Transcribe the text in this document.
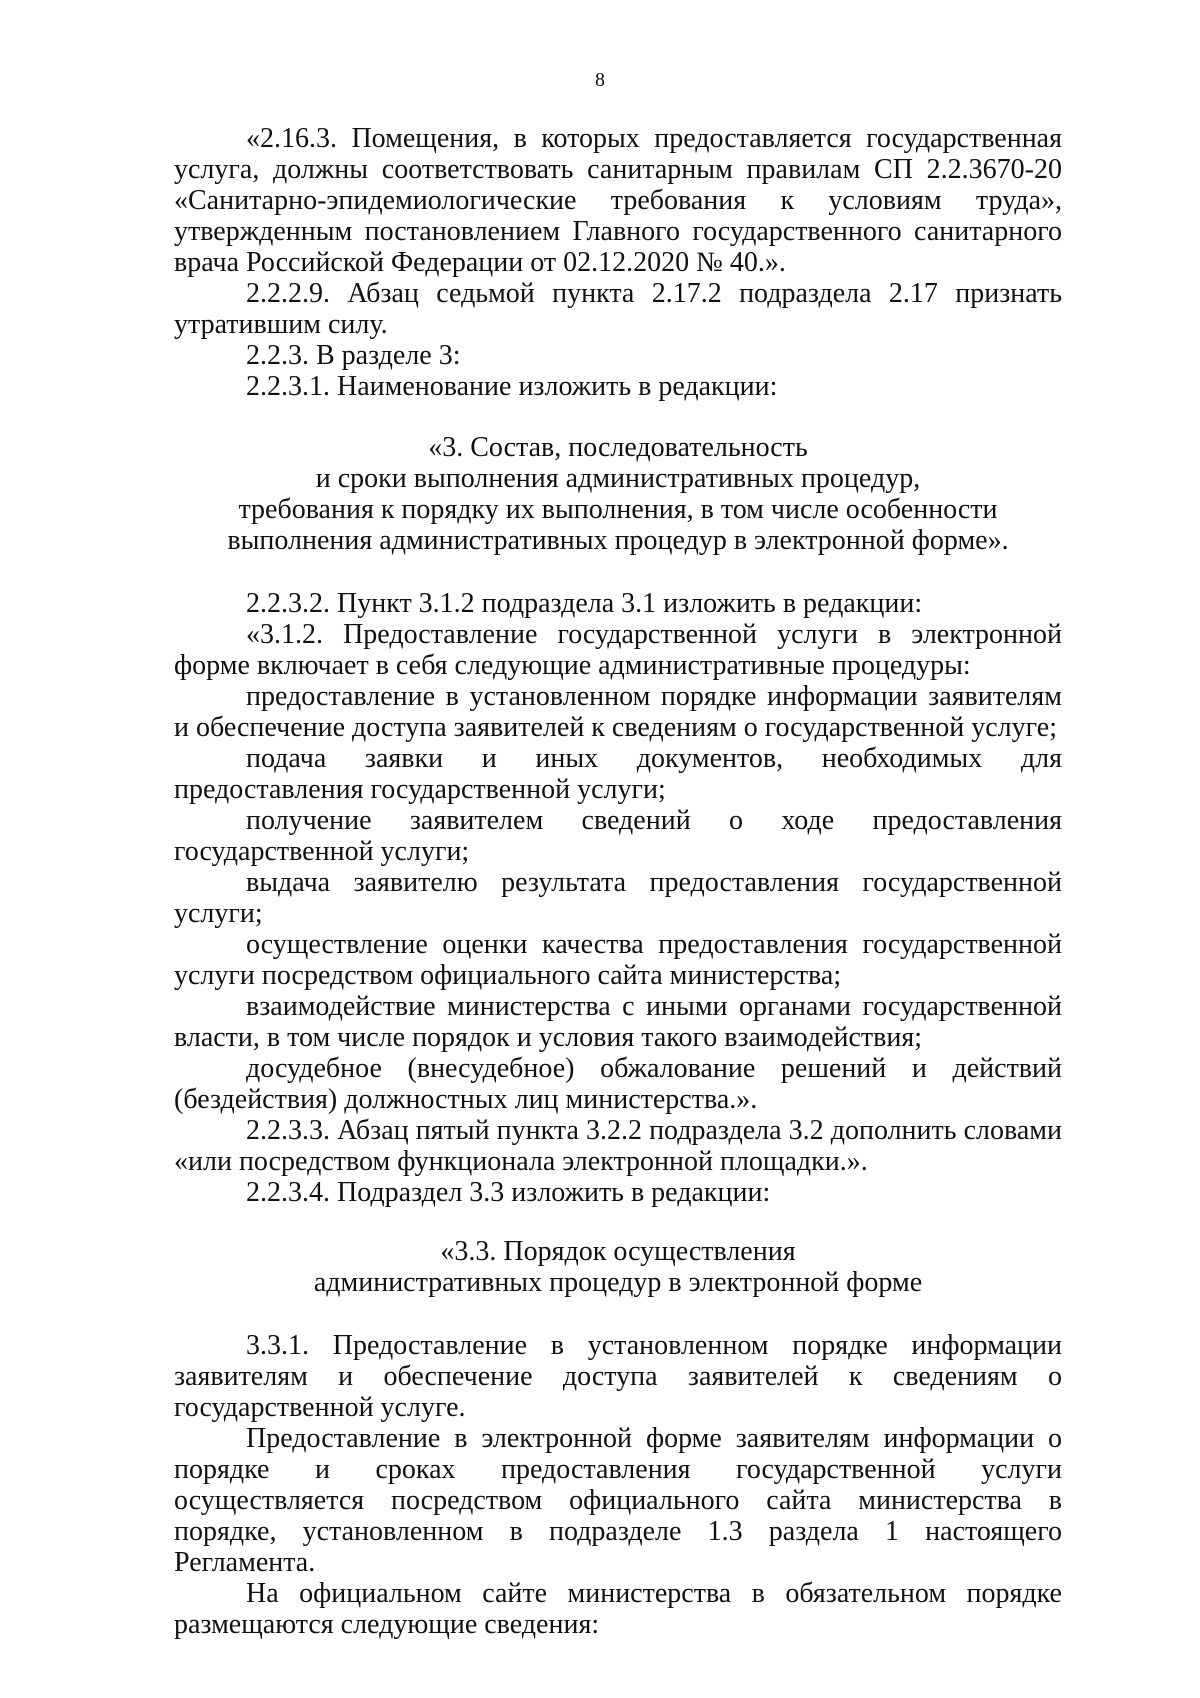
8

«2.16.3. Помещения, в которых предоставляется государственная услуга, должны соответствовать санитарным правилам СП 2.2.3670-20 «Санитарно-эпидемиологические требования к условиям труда», утвержденным постановлением Главного государственного санитарного врача Российской Федерации от 02.12.2020 № 40.».

2.2.2.9. Абзац седьмой пункта 2.17.2 подраздела 2.17 признать утратившим силу.

2.2.3. В разделе 3:

2.2.3.1. Наименование изложить в редакции:

«3. Состав, последовательность
и сроки выполнения административных процедур,
требования к порядку их выполнения, в том числе особенности
выполнения административных процедур в электронной форме».

2.2.3.2. Пункт 3.1.2 подраздела 3.1 изложить в редакции:

«3.1.2. Предоставление государственной услуги в электронной форме включает в себя следующие административные процедуры:

предоставление в установленном порядке информации заявителям и обеспечение доступа заявителей к сведениям о государственной услуге;

подача заявки и иных документов, необходимых для предоставления государственной услуги;

получение заявителем сведений о ходе предоставления государственной услуги;

выдача заявителю результата предоставления государственной услуги;

осуществление оценки качества предоставления государственной услуги посредством официального сайта министерства;

взаимодействие министерства с иными органами государственной власти, в том числе порядок и условия такого взаимодействия;

досудебное (внесудебное) обжалование решений и действий (бездействия) должностных лиц министерства.».

2.2.3.3. Абзац пятый пункта 3.2.2 подраздела 3.2 дополнить словами «или посредством функционала электронной площадки.».

2.2.3.4. Подраздел 3.3 изложить в редакции:

«3.3. Порядок осуществления
административных процедур в электронной форме

3.3.1. Предоставление в установленном порядке информации заявителям и обеспечение доступа заявителей к сведениям о государственной услуге.

Предоставление в электронной форме заявителям информации о порядке и сроках предоставления государственной услуги осуществляется посредством официального сайта министерства в порядке, установленном в подразделе 1.3 раздела 1 настоящего Регламента.

На официальном сайте министерства в обязательном порядке размещаются следующие сведения:
